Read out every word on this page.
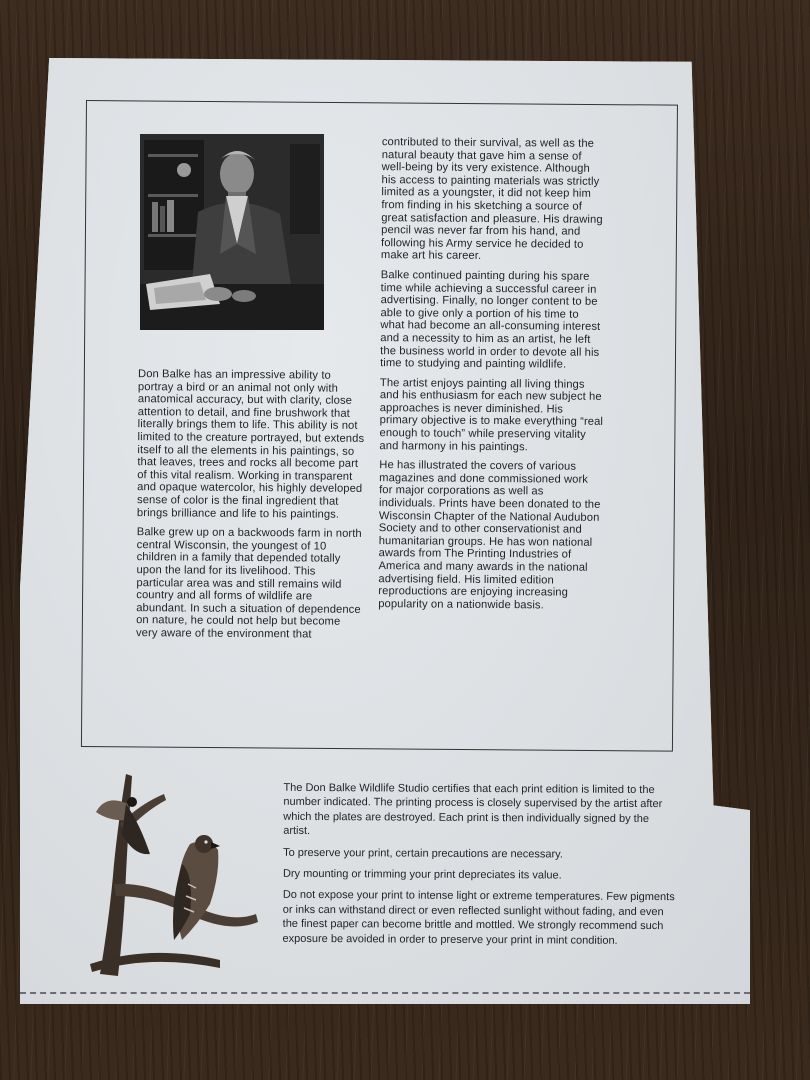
Don Balke has an impressive ability to portray a bird or an animal not only with anatomical accuracy, but with clarity, close attention to detail, and fine brushwork that literally brings them to life. This ability is not limited to the creature portrayed, but extends itself to all the elements in his paintings, so that leaves, trees and rocks all become part of this vital realism. Working in transparent and opaque watercolor, his highly developed sense of color is the final ingredient that brings brilliance and life to his paintings.

Balke grew up on a backwoods farm in north central Wisconsin, the youngest of 10 children in a family that depended totally upon the land for its livelihood. This particular area was and still remains wild country and all forms of wildlife are abundant. In such a situation of dependence on nature, he could not help but become very aware of the environment that

contributed to their survival, as well as the natural beauty that gave him a sense of well-being by its very existence. Although his access to painting materials was strictly limited as a youngster, it did not keep him from finding in his sketching a source of great satisfaction and pleasure. His drawing pencil was never far from his hand, and following his Army service he decided to make art his career.

Balke continued painting during his spare time while achieving a successful career in advertising. Finally, no longer content to be able to give only a portion of his time to what had become an all-consuming interest and a necessity to him as an artist, he left the business world in order to devote all his time to studying and painting wildlife.

The artist enjoys painting all living things and his enthusiasm for each new subject he approaches is never diminished. His primary objective is to make everything “real enough to touch” while preserving vitality and harmony in his paintings.

He has illustrated the covers of various magazines and done commissioned work for major corporations as well as individuals. Prints have been donated to the Wisconsin Chapter of the National Audubon Society and to other conservationist and humanitarian groups. He has won national awards from The Printing Industries of America and many awards in the national advertising field. His limited edition reproductions are enjoying increasing popularity on a nationwide basis.

The Don Balke Wildlife Studio certifies that each print edition is limited to the number indicated. The printing process is closely supervised by the artist after which the plates are destroyed. Each print is then individually signed by the artist.

To preserve your print, certain precautions are necessary.

Dry mounting or trimming your print depreciates its value.

Do not expose your print to intense light or extreme temperatures. Few pigments or inks can withstand direct or even reflected sunlight without fading, and even the finest paper can become brittle and mottled. We strongly recommend such exposure be avoided in order to preserve your print in mint condition.
